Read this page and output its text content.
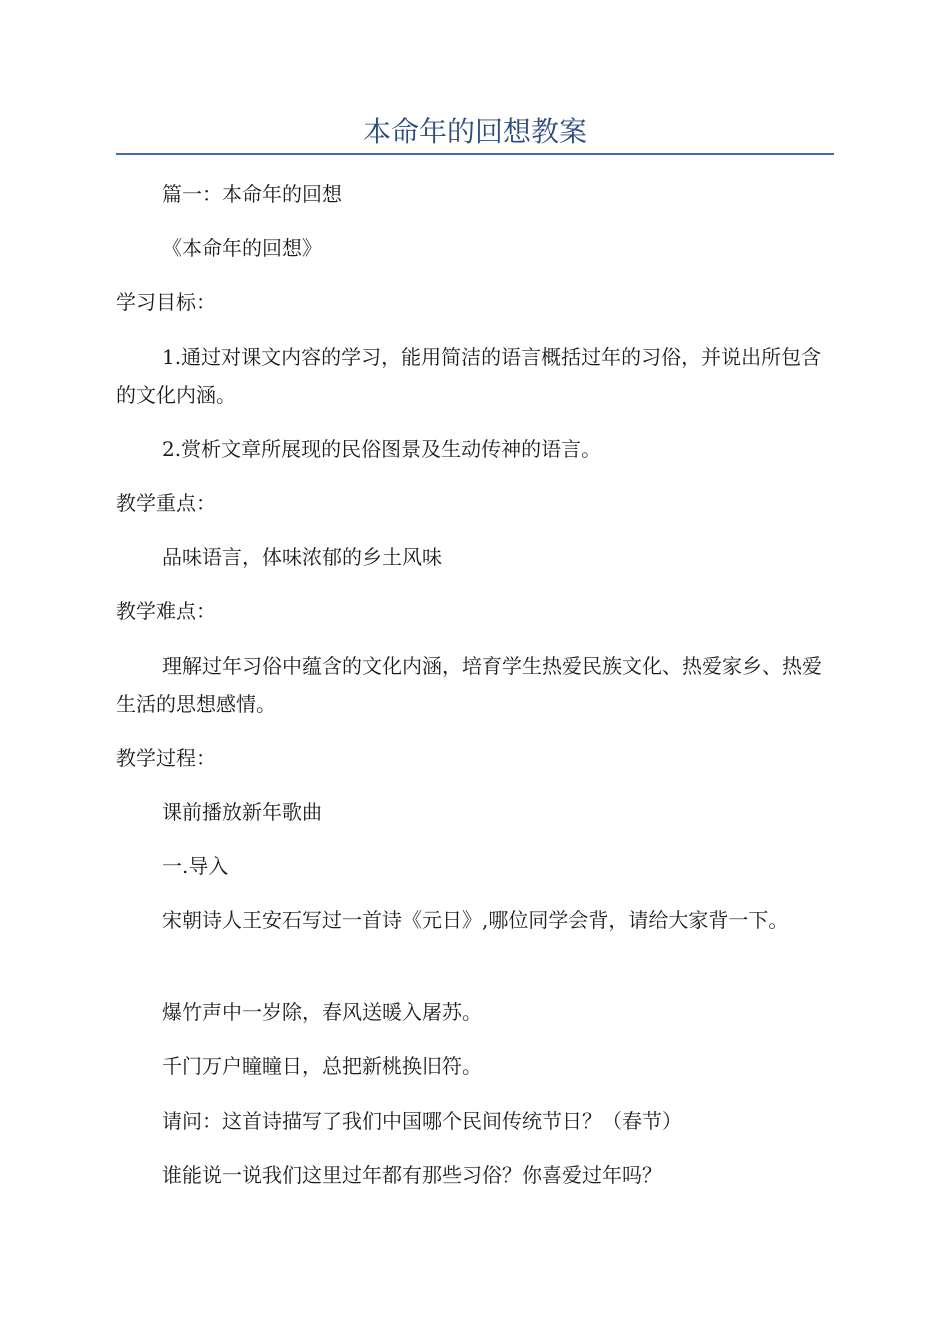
本命年的回想教案

篇一：本命年的回想

《本命年的回想》

学习目标：

1.通过对课文内容的学习，能用简洁的语言概括过年的习俗，并说出所包含的文化内涵。

2.赏析文章所展现的民俗图景及生动传神的语言。

教学重点：

品味语言，体味浓郁的乡土风味

教学难点：

理解过年习俗中蕴含的文化内涵，培育学生热爱民族文化、热爱家乡、热爱生活的思想感情。

教学过程：

课前播放新年歌曲

一.导入

宋朝诗人王安石写过一首诗《元日》,哪位同学会背，请给大家背一下。

爆竹声中一岁除，春风送暖入屠苏。

千门万户瞳瞳日，总把新桃换旧符。

请问：这首诗描写了我们中国哪个民间传统节日？（春节）

谁能说一说我们这里过年都有那些习俗？你喜爱过年吗？
